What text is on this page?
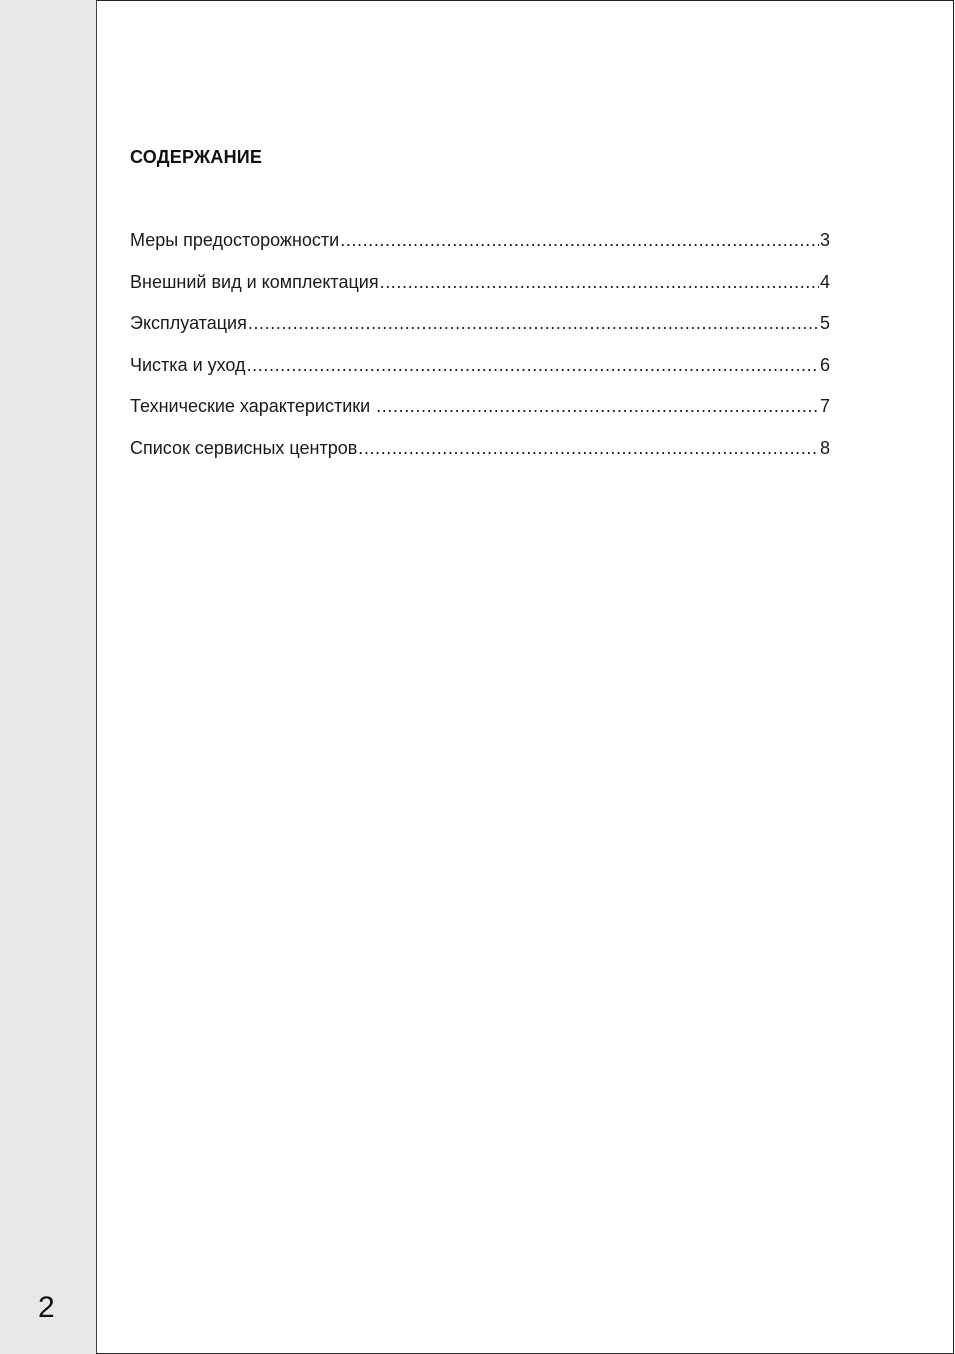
2
СОДЕРЖАНИЕ
Меры предосторожности .....	3
Внешний вид и комплектация .....	4
Эксплуатация .....	5
Чистка и уход .....	6
Технические характеристики .....	7
Список сервисных центров .....	8
